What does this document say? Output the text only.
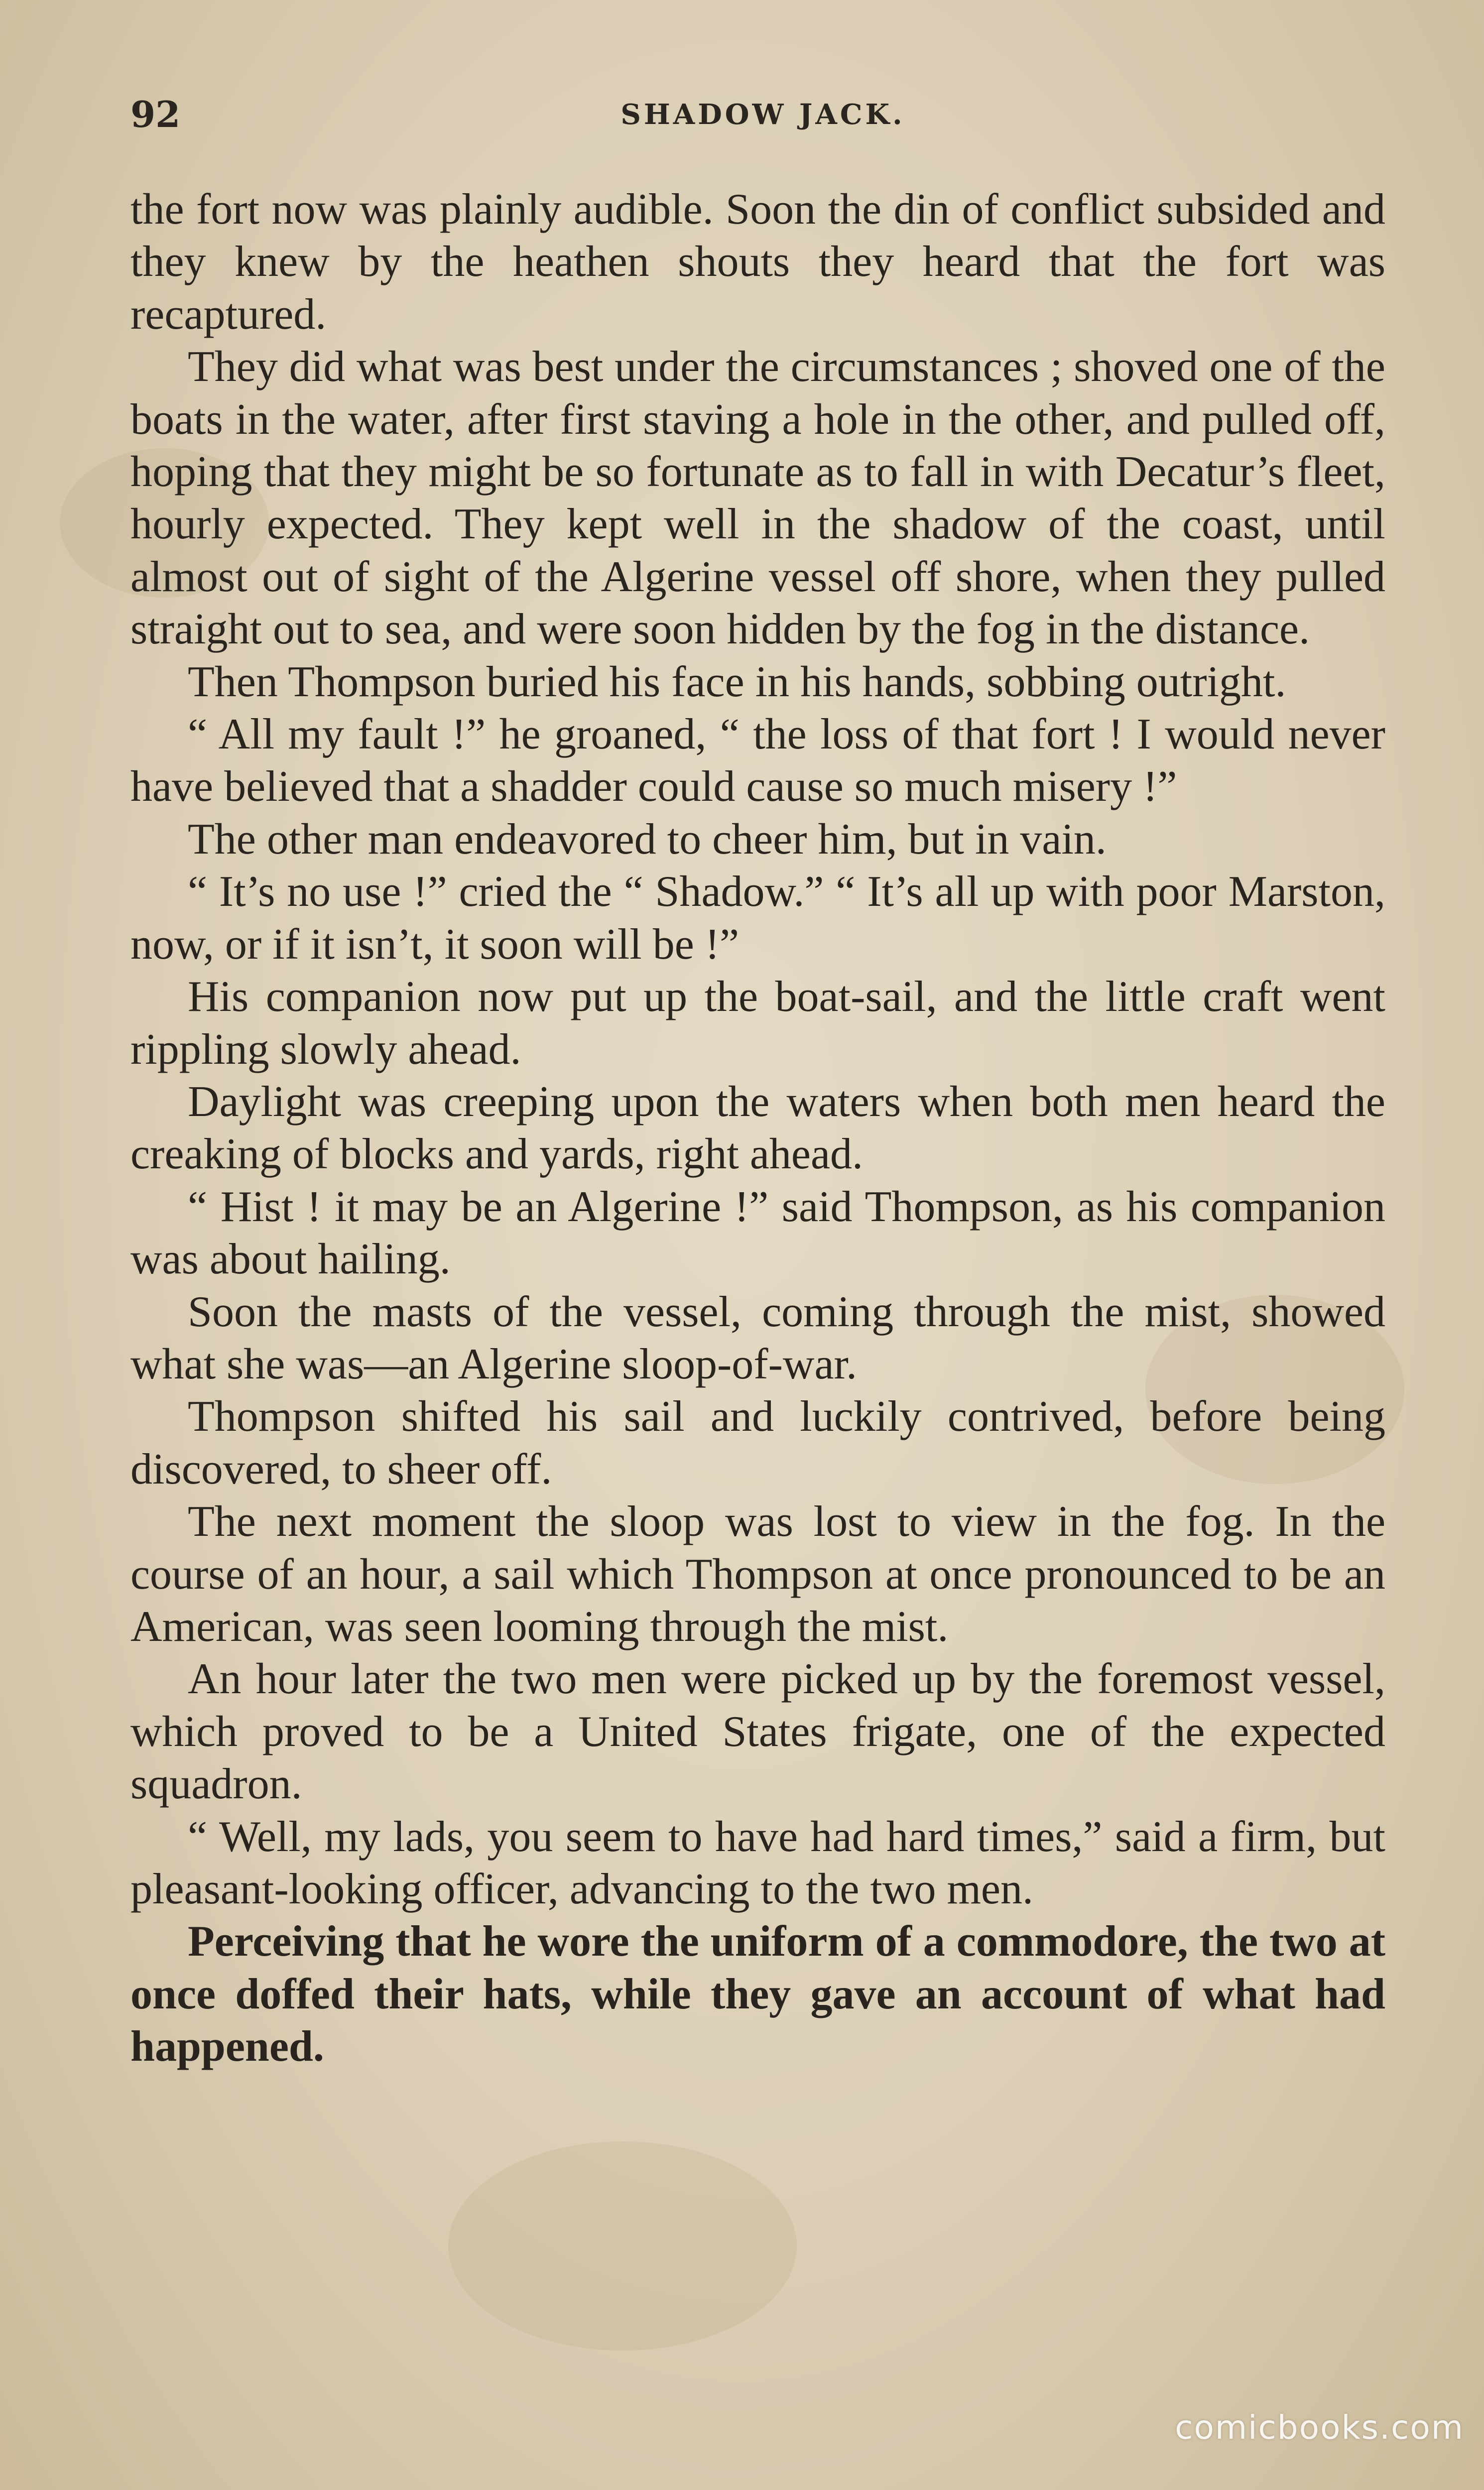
92	SHADOW JACK.

the fort now was plainly audible. Soon the din of conflict subsided and they knew by the heathen shouts they heard that the fort was recaptured.

They did what was best under the circumstances ; shoved one of the boats in the water, after first staving a hole in the other, and pulled off, hoping that they might be so fortunate as to fall in with Decatur’s fleet, hourly expected. They kept well in the shadow of the coast, until almost out of sight of the Algerine vessel off shore, when they pulled straight out to sea, and were soon hidden by the fog in the distance.

Then Thompson buried his face in his hands, sobbing outright.

“ All my fault !” he groaned, “ the loss of that fort ! I would never have believed that a shadder could cause so much misery !”

The other man endeavored to cheer him, but in vain.

“ It’s no use !” cried the “ Shadow.” “ It’s all up with poor Marston, now, or if it isn’t, it soon will be !”

His companion now put up the boat-sail, and the little craft went rippling slowly ahead.

Daylight was creeping upon the waters when both men heard the creaking of blocks and yards, right ahead.

“ Hist ! it may be an Algerine !” said Thompson, as his companion was about hailing.

Soon the masts of the vessel, coming through the mist, showed what she was—an Algerine sloop-of-war.

Thompson shifted his sail and luckily contrived, before being discovered, to sheer off.

The next moment the sloop was lost to view in the fog. In the course of an hour, a sail which Thompson at once pronounced to be an American, was seen looming through the mist.

An hour later the two men were picked up by the foremost vessel, which proved to be a United States frigate, one of the expected squadron.

“ Well, my lads, you seem to have had hard times,” said a firm, but pleasant-looking officer, advancing to the two men.

Perceiving that he wore the uniform of a commodore, the two at once doffed their hats, while they gave an account of what had happened.

comicbooks.com
